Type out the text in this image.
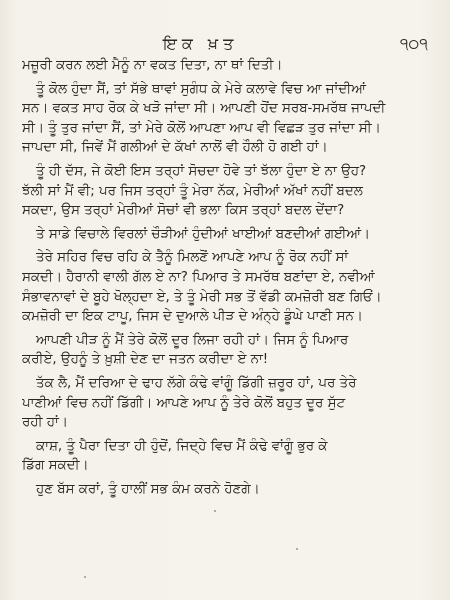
ਇਕ ਖ਼ਤ	੧੦੧

ਮਜ਼ੂਰੀ ਕਰਨ ਲਈ ਮੈਨੂੰ ਨਾ ਵਕਤ ਦਿਤਾ, ਨਾ ਥਾਂ ਦਿਤੀ।

ਤੂੰ ਕੋਲ ਹੁੰਦਾ ਸੈਂ, ਤਾਂ ਸੱਭੇ ਥਾਵਾਂ ਸੁਗੰਧ ਕੇ ਮੇਰੇ ਕਲਾਵੇ ਵਿਚ ਆ ਜਾਂਦੀਆਂ
ਸਨ। ਵਕਤ ਸਾਹ ਰੋਕ ਕੇ ਖੜੋ ਜਾਂਦਾ ਸੀ। ਆਪਣੀ ਹੋਂਦ ਸਰਬ-ਸਮਰੱਥ ਜਾਪਦੀ
ਸੀ। ਤੂੰ ਤੁਰ ਜਾਂਦਾ ਸੈਂ, ਤਾਂ ਮੇਰੇ ਕੋਲੋਂ ਆਪਣਾ ਆਪ ਵੀ ਵਿਛੜ ਤੁਰ ਜਾਂਦਾ ਸੀ।
ਜਾਪਦਾ ਸੀ, ਜਿਵੇਂ ਮੈਂ ਗਲੀਆਂ ਦੇ ਕੱਖਾਂ ਨਾਲੋਂ ਵੀ ਹੌਲੀ ਹੋ ਗਈ ਹਾਂ।

ਤੂੰ ਹੀ ਦੱਸ, ਜੇ ਕੋਈ ਇਸ ਤਰ੍ਹਾਂ ਸੋਚਦਾ ਹੋਵੇ ਤਾਂ ਝੱਲਾ ਹੁੰਦਾ ਏ ਨਾ ਉਹ?
ਝੱਲੀ ਸਾਂ ਮੈਂ ਵੀ; ਪਰ ਜਿਸ ਤਰ੍ਹਾਂ ਤੂੰ ਮੇਰਾ ਨੱਕ, ਮੇਰੀਆਂ ਅੱਖਾਂ ਨਹੀਂ ਬਦਲ
ਸਕਦਾ, ਉਸ ਤਰ੍ਹਾਂ ਮੇਰੀਆਂ ਸੋਚਾਂ ਵੀ ਭਲਾ ਕਿਸ ਤਰ੍ਹਾਂ ਬਦਲ ਦੇਂਦਾ?

ਤੇ ਸਾਡੇ ਵਿਚਾਲੇ ਵਿਰਲਾਂ ਚੌੜੀਆਂ ਹੁੰਦੀਆਂ ਖਾਈਆਂ ਬਣਦੀਆਂ ਗਈਆਂ।

ਤੇਰੇ ਸਹਿਰ ਵਿਚ ਰਹਿ ਕੇ ਤੈਨੂੰ ਮਿਲਣੋਂ ਆਪਣੇ ਆਪ ਨੂੰ ਰੋਕ ਨਹੀਂ ਸਾਂ
ਸਕਦੀ। ਹੈਰਾਨੀ ਵਾਲੀ ਗੱਲ ਏ ਨਾ? ਪਿਆਰ ਤੇ ਸਮਰੱਥ ਬਣਾਂਦਾ ਏ, ਨਵੀਆਂ
ਸੰਭਾਵਨਾਵਾਂ ਦੇ ਬੂਹੇ ਖੋਲ੍ਹਦਾ ਏ, ਤੇ ਤੂੰ ਮੇਰੀ ਸਭ ਤੋਂ ਵੱਡੀ ਕਮਜ਼ੋਰੀ ਬਣ ਗਿਓਂ।
ਕਮਜ਼ੋਰੀ ਦਾ ਇਕ ਟਾਪੂ, ਜਿਸ ਦੇ ਦੁਆਲੇ ਪੀੜ ਦੇ ਅੰਨ੍ਹੇ ਡੂੰਘੇ ਪਾਣੀ ਸਨ।

ਆਪਣੀ ਪੀੜ ਨੂੰ ਮੈਂ ਤੇਰੇ ਕੋਲੋਂ ਦੂਰ ਲਿਜਾ ਰਹੀ ਹਾਂ। ਜਿਸ ਨੂੰ ਪਿਆਰ
ਕਰੀਏ, ਉਹਨੂੰ ਤੇ ਖ਼ੁਸ਼ੀ ਦੇਣ ਦਾ ਜਤਨ ਕਰੀਦਾ ਏ ਨਾ!

ਤੱਕ ਲੈ, ਮੈਂ ਦਰਿਆ ਦੇ ਢਾਹ ਲੱਗੇ ਕੰਢੇ ਵਾਂਗੂੰ ਡਿੱਗੀ ਜ਼ਰੂਰ ਹਾਂ, ਪਰ ਤੇਰੇ
ਪਾਣੀਆਂ ਵਿਚ ਨਹੀਂ ਡਿੱਗੀ। ਆਪਣੇ ਆਪ ਨੂੰ ਤੇਰੇ ਕੋਲੋਂ ਬਹੁਤ ਦੂਰ ਸੁੱਟ
ਰਹੀ ਹਾਂ।

ਕਾਸ਼, ਤੂੰ ਪੈਰਾ ਦਿਤਾ ਹੀ ਹੁੰਦੋਂ, ਜਿਦ੍ਹੇ ਵਿਚ ਮੈਂ ਕੰਢੇ ਵਾਂਗੂੰ ਭੁਰ ਕੇ
ਡਿੱਗ ਸਕਦੀ।

ਹੁਣ ਬੱਸ ਕਰਾਂ, ਤੂੰ ਹਾਲੀਂ ਸਭ ਕੰਮ ਕਰਨੇ ਹੋਣਗੇ।
